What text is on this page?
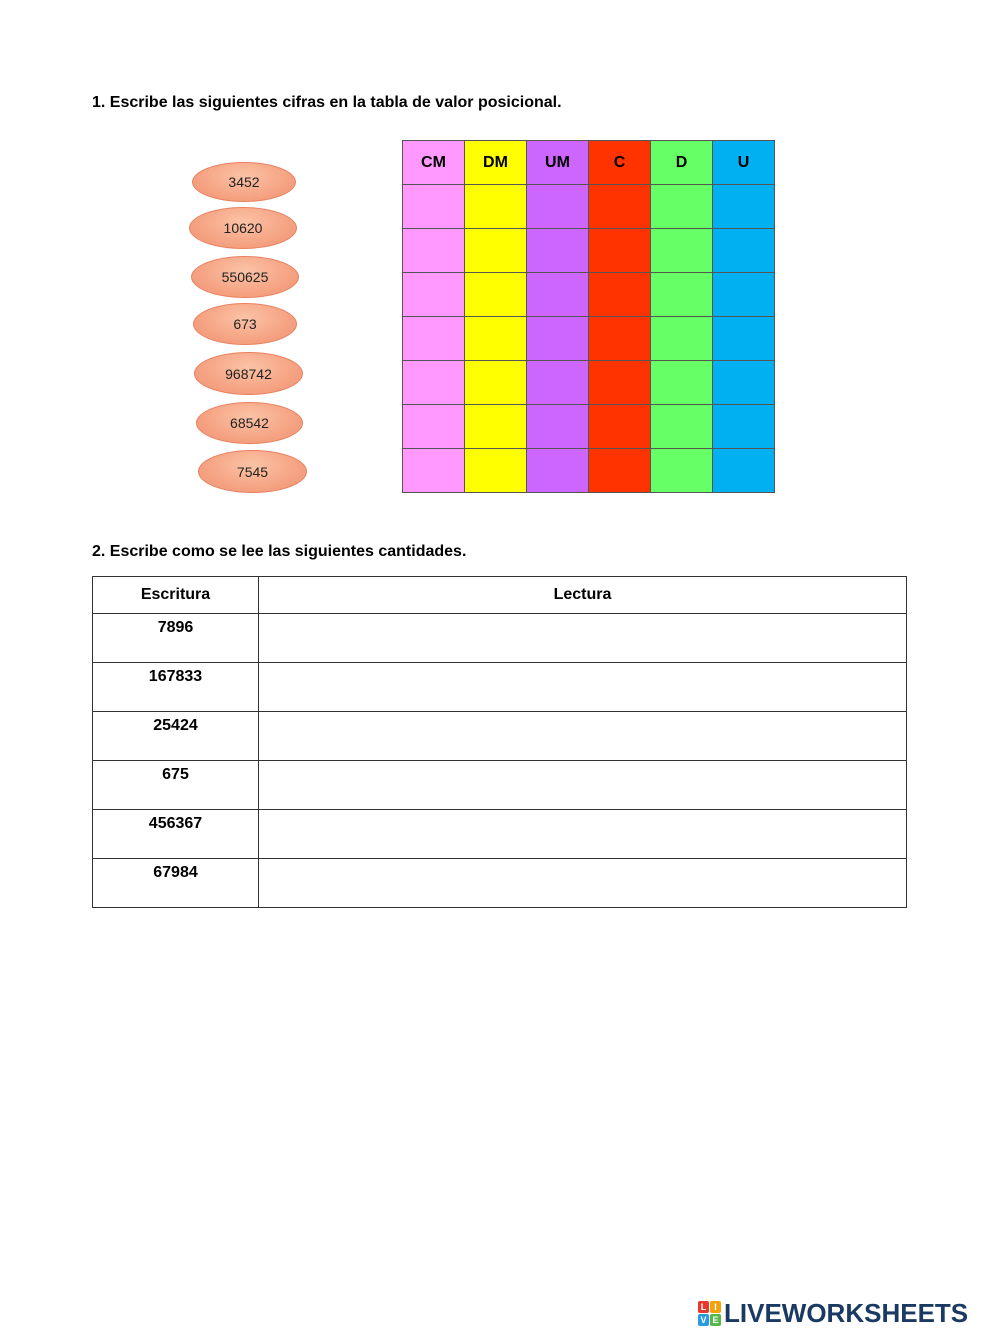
1. Escribe las siguientes cifras en la tabla de valor posicional.
3452
10620
550625
673
968742
68542
7545
CM	DM	UM	C	D	U

2. Escribe como se lee las siguientes cantidades.
Escritura	Lectura
7896	
167833	
25424	
675	
456367	
67984	
L I
V E LIVEWORKSHEETS
